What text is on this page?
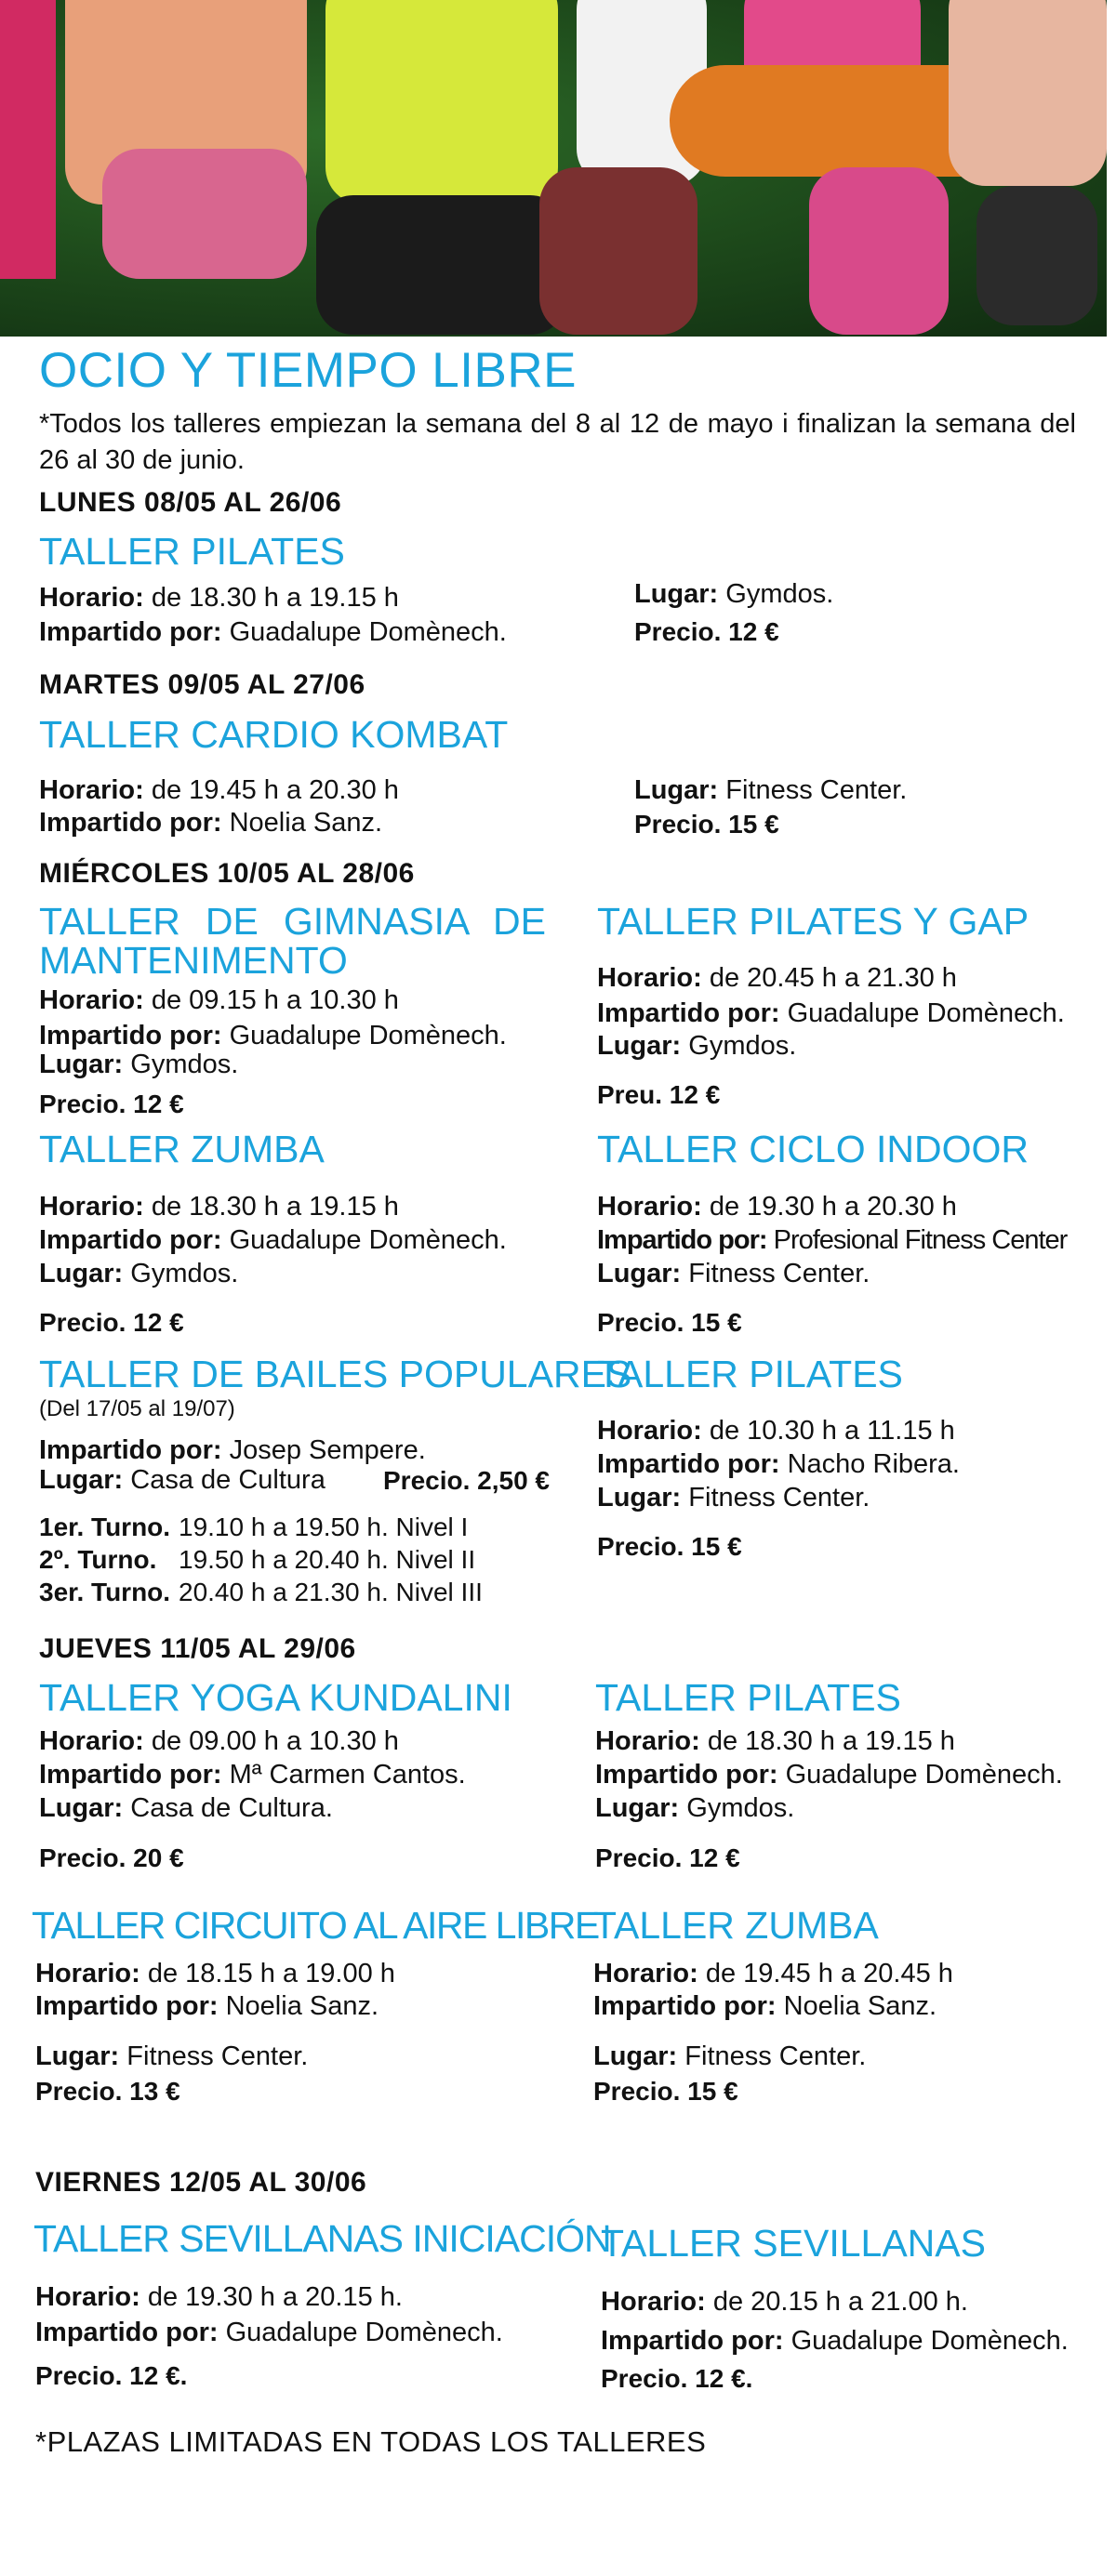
OCIO Y TIEMPO LIBRE
*Todos los talleres empiezan la semana del 8 al 12 de mayo i finalizan la semana del 26 al 30 de junio.
LUNES 08/05 AL 26/06
TALLER PILATES
Horario: de 18.30 h a 19.15 h
Impartido por: Guadalupe Domènech.
Lugar: Gymdos.
Precio. 12 €
MARTES 09/05 AL 27/06
TALLER CARDIO KOMBAT
Horario: de 19.45 h a 20.30 h
Impartido por: Noelia Sanz.
Lugar: Fitness Center.
Precio. 15 €
MIÉRCOLES 10/05 AL 28/06
TALLER DE GIMNASIA DE
MANTENIMENTO
Horario: de 09.15 h a 10.30 h
Impartido por: Guadalupe Domènech.
Lugar: Gymdos.
Precio. 12 €
TALLER PILATES Y GAP
Horario: de 20.45 h a 21.30 h
Impartido por: Guadalupe Domènech.
Lugar: Gymdos.
Preu. 12 €
TALLER ZUMBA
Horario: de 18.30 h a 19.15 h
Impartido por: Guadalupe Domènech.
Lugar: Gymdos.
Precio. 12 €
TALLER CICLO INDOOR
Horario: de 19.30 h a 20.30 h
Impartido por: Profesional Fitness Center
Lugar: Fitness Center.
Precio. 15 €
TALLER DE BAILES POPULARES
(Del 17/05 al 19/07)
Impartido por: Josep Sempere.
Lugar: Casa de Cultura Precio. 2,50 €
1er. Turno. 19.10 h a 19.50 h. Nivel I
2º. Turno. 19.50 h a 20.40 h. Nivel II
3er. Turno. 20.40 h a 21.30 h. Nivel III
TALLER PILATES
Horario: de 10.30 h a 11.15 h
Impartido por: Nacho Ribera.
Lugar: Fitness Center.
Precio. 15 €
JUEVES 11/05 AL 29/06
TALLER YOGA KUNDALINI
Horario: de 09.00 h a 10.30 h
Impartido por: Mª Carmen Cantos.
Lugar: Casa de Cultura.
Precio. 20 €
TALLER PILATES
Horario: de 18.30 h a 19.15 h
Impartido por: Guadalupe Domènech.
Lugar: Gymdos.
Precio. 12 €
TALLER CIRCUITO AL AIRE LIBRE
Horario: de 18.15 h a 19.00 h
Impartido por: Noelia Sanz.
Lugar: Fitness Center.
Precio. 13 €
TALLER ZUMBA
Horario: de 19.45 h a 20.45 h
Impartido por: Noelia Sanz.
Lugar: Fitness Center.
Precio. 15 €
VIERNES 12/05 AL 30/06
TALLER SEVILLANAS INICIACIÓN
Horario: de 19.30 h a 20.15 h.
Impartido por: Guadalupe Domènech.
Precio. 12 €.
TALLER SEVILLANAS
Horario: de 20.15 h a 21.00 h.
Impartido por: Guadalupe Domènech.
Precio. 12 €.
*PLAZAS LIMITADAS EN TODAS LOS TALLERES
